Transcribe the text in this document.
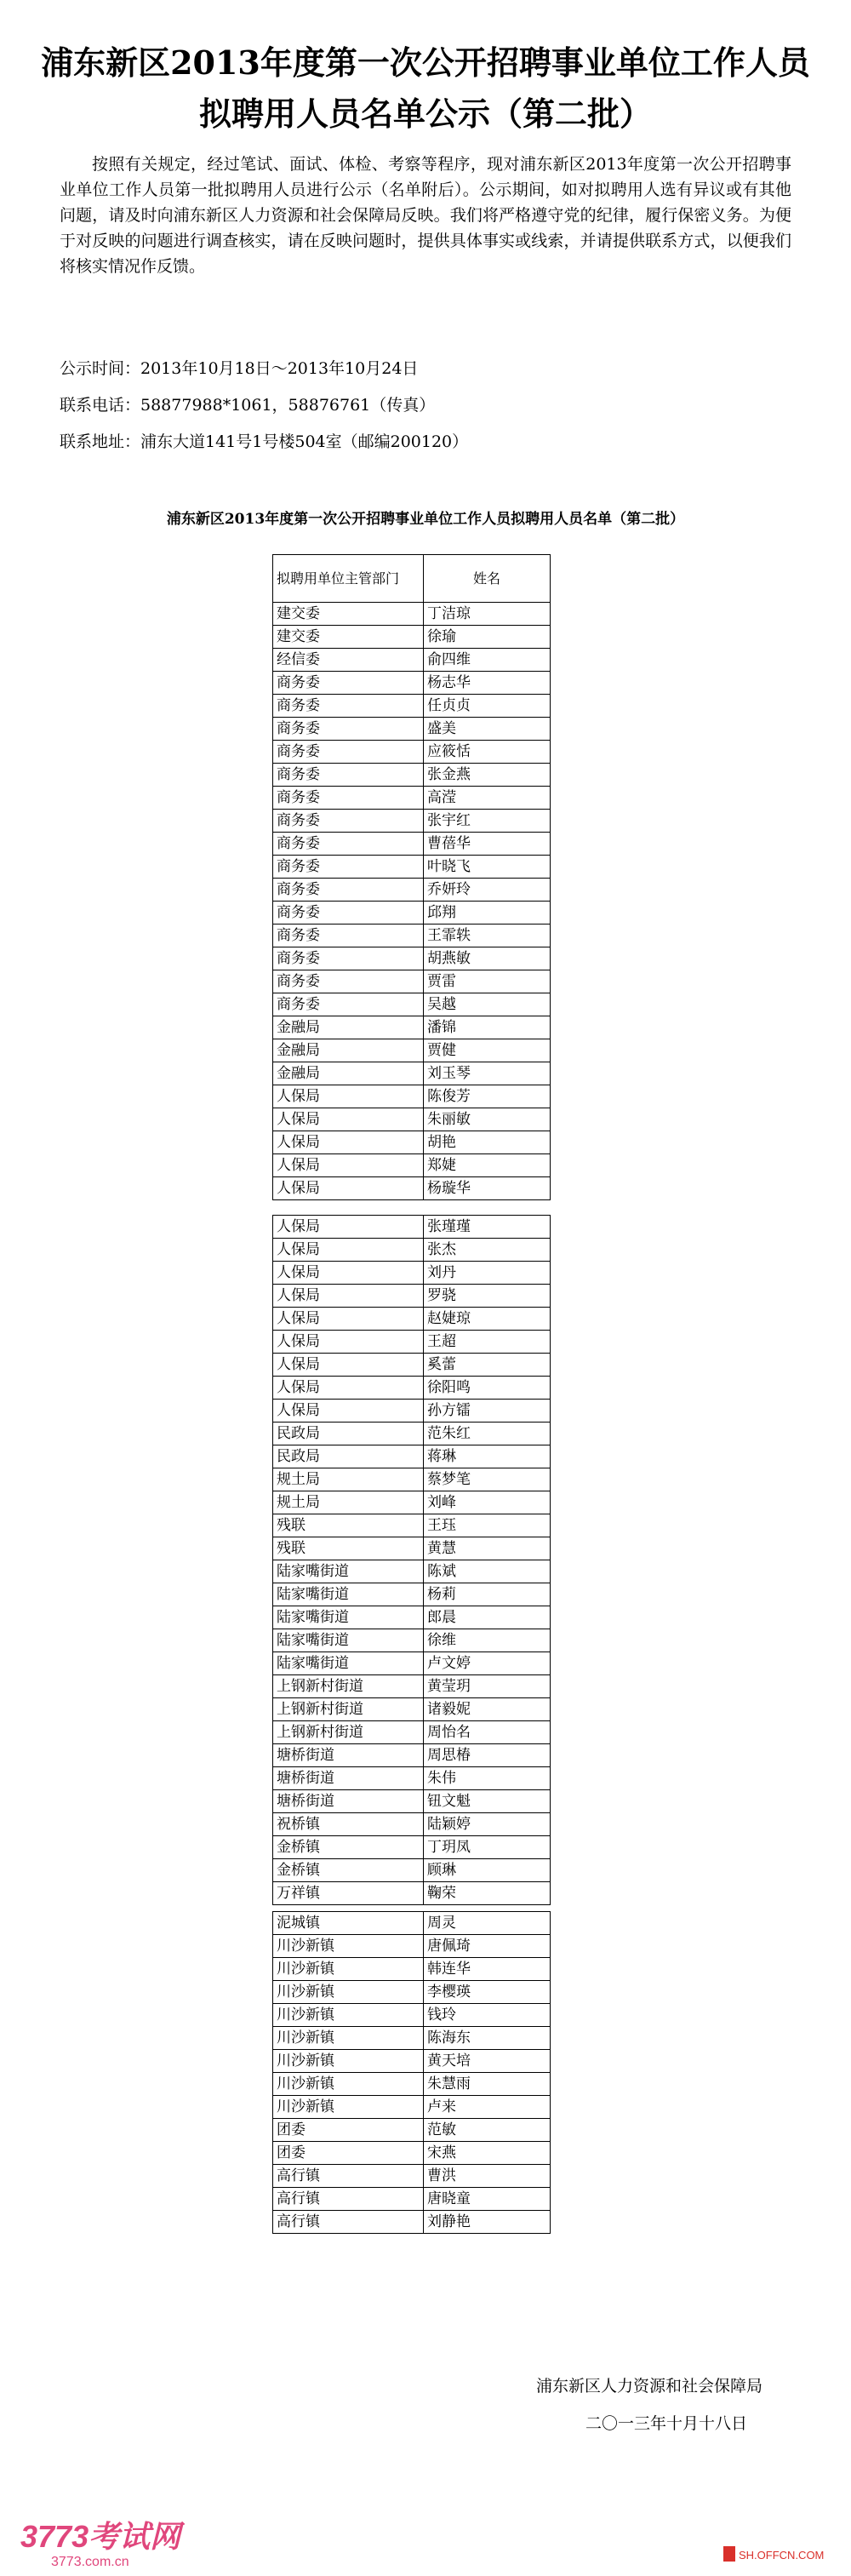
浦东新区2013年度第一次公开招聘事业单位工作人员
拟聘用人员名单公示（第二批）

按照有关规定，经过笔试、面试、体检、考察等程序，现对浦东新区2013年度第一次公开招聘事业单位工作人员第一批拟聘用人员进行公示（名单附后）。公示期间，如对拟聘用人选有异议或有其他问题，请及时向浦东新区人力资源和社会保障局反映。我们将严格遵守党的纪律，履行保密义务。为便于对反映的问题进行调查核实，请在反映问题时，提供具体事实或线索，并请提供联系方式，以便我们将核实情况作反馈。

公示时间：2013年10月18日～2013年10月24日

联系电话：58877988*1061，58876761（传真）

联系地址：浦东大道141号1号楼504室（邮编200120）

浦东新区2013年度第一次公开招聘事业单位工作人员拟聘用人员名单（第二批）
拟聘用单位主管部门	姓名
建交委	丁洁琼
建交委	徐瑜
经信委	俞四维
商务委	杨志华
商务委	任贞贞
商务委	盛美
商务委	应筱恬
商务委	张金燕
商务委	高滢
商务委	张宇红
商务委	曹蓓华
商务委	叶晓飞
商务委	乔妍玲
商务委	邱翔
商务委	王霏轶
商务委	胡燕敏
商务委	贾雷
商务委	吴越
金融局	潘锦
金融局	贾健
金融局	刘玉琴
人保局	陈俊芳
人保局	朱丽敏
人保局	胡艳
人保局	郑婕
人保局	杨璇华
人保局	张瑾瑾
人保局	张杰
人保局	刘丹
人保局	罗骁
人保局	赵婕琼
人保局	王超
人保局	奚蕾
人保局	徐阳鸣
人保局	孙方镭
民政局	范朱红
民政局	蒋琳
规土局	蔡梦笔
规土局	刘峰
残联	王珏
残联	黄慧
陆家嘴街道	陈斌
陆家嘴街道	杨莉
陆家嘴街道	郎晨
陆家嘴街道	徐维
陆家嘴街道	卢文婷
上钢新村街道	黄莹玥
上钢新村街道	诸毅妮
上钢新村街道	周怡名
塘桥街道	周思椿
塘桥街道	朱伟
塘桥街道	钮文魁
祝桥镇	陆颖婷
金桥镇	丁玥凤
金桥镇	顾琳
万祥镇	鞠荣
泥城镇	周灵
川沙新镇	唐佩琦
川沙新镇	韩连华
川沙新镇	李樱瑛
川沙新镇	钱玲
川沙新镇	陈海东
川沙新镇	黄天培
川沙新镇	朱慧雨
川沙新镇	卢来
团委	范敏
团委	宋燕
高行镇	曹洪
高行镇	唐晓童
高行镇	刘静艳
浦东新区人力资源和社会保障局
二〇一三年十月十八日
3773考试网
3773.com.cn	SH.OFFCN.COM
